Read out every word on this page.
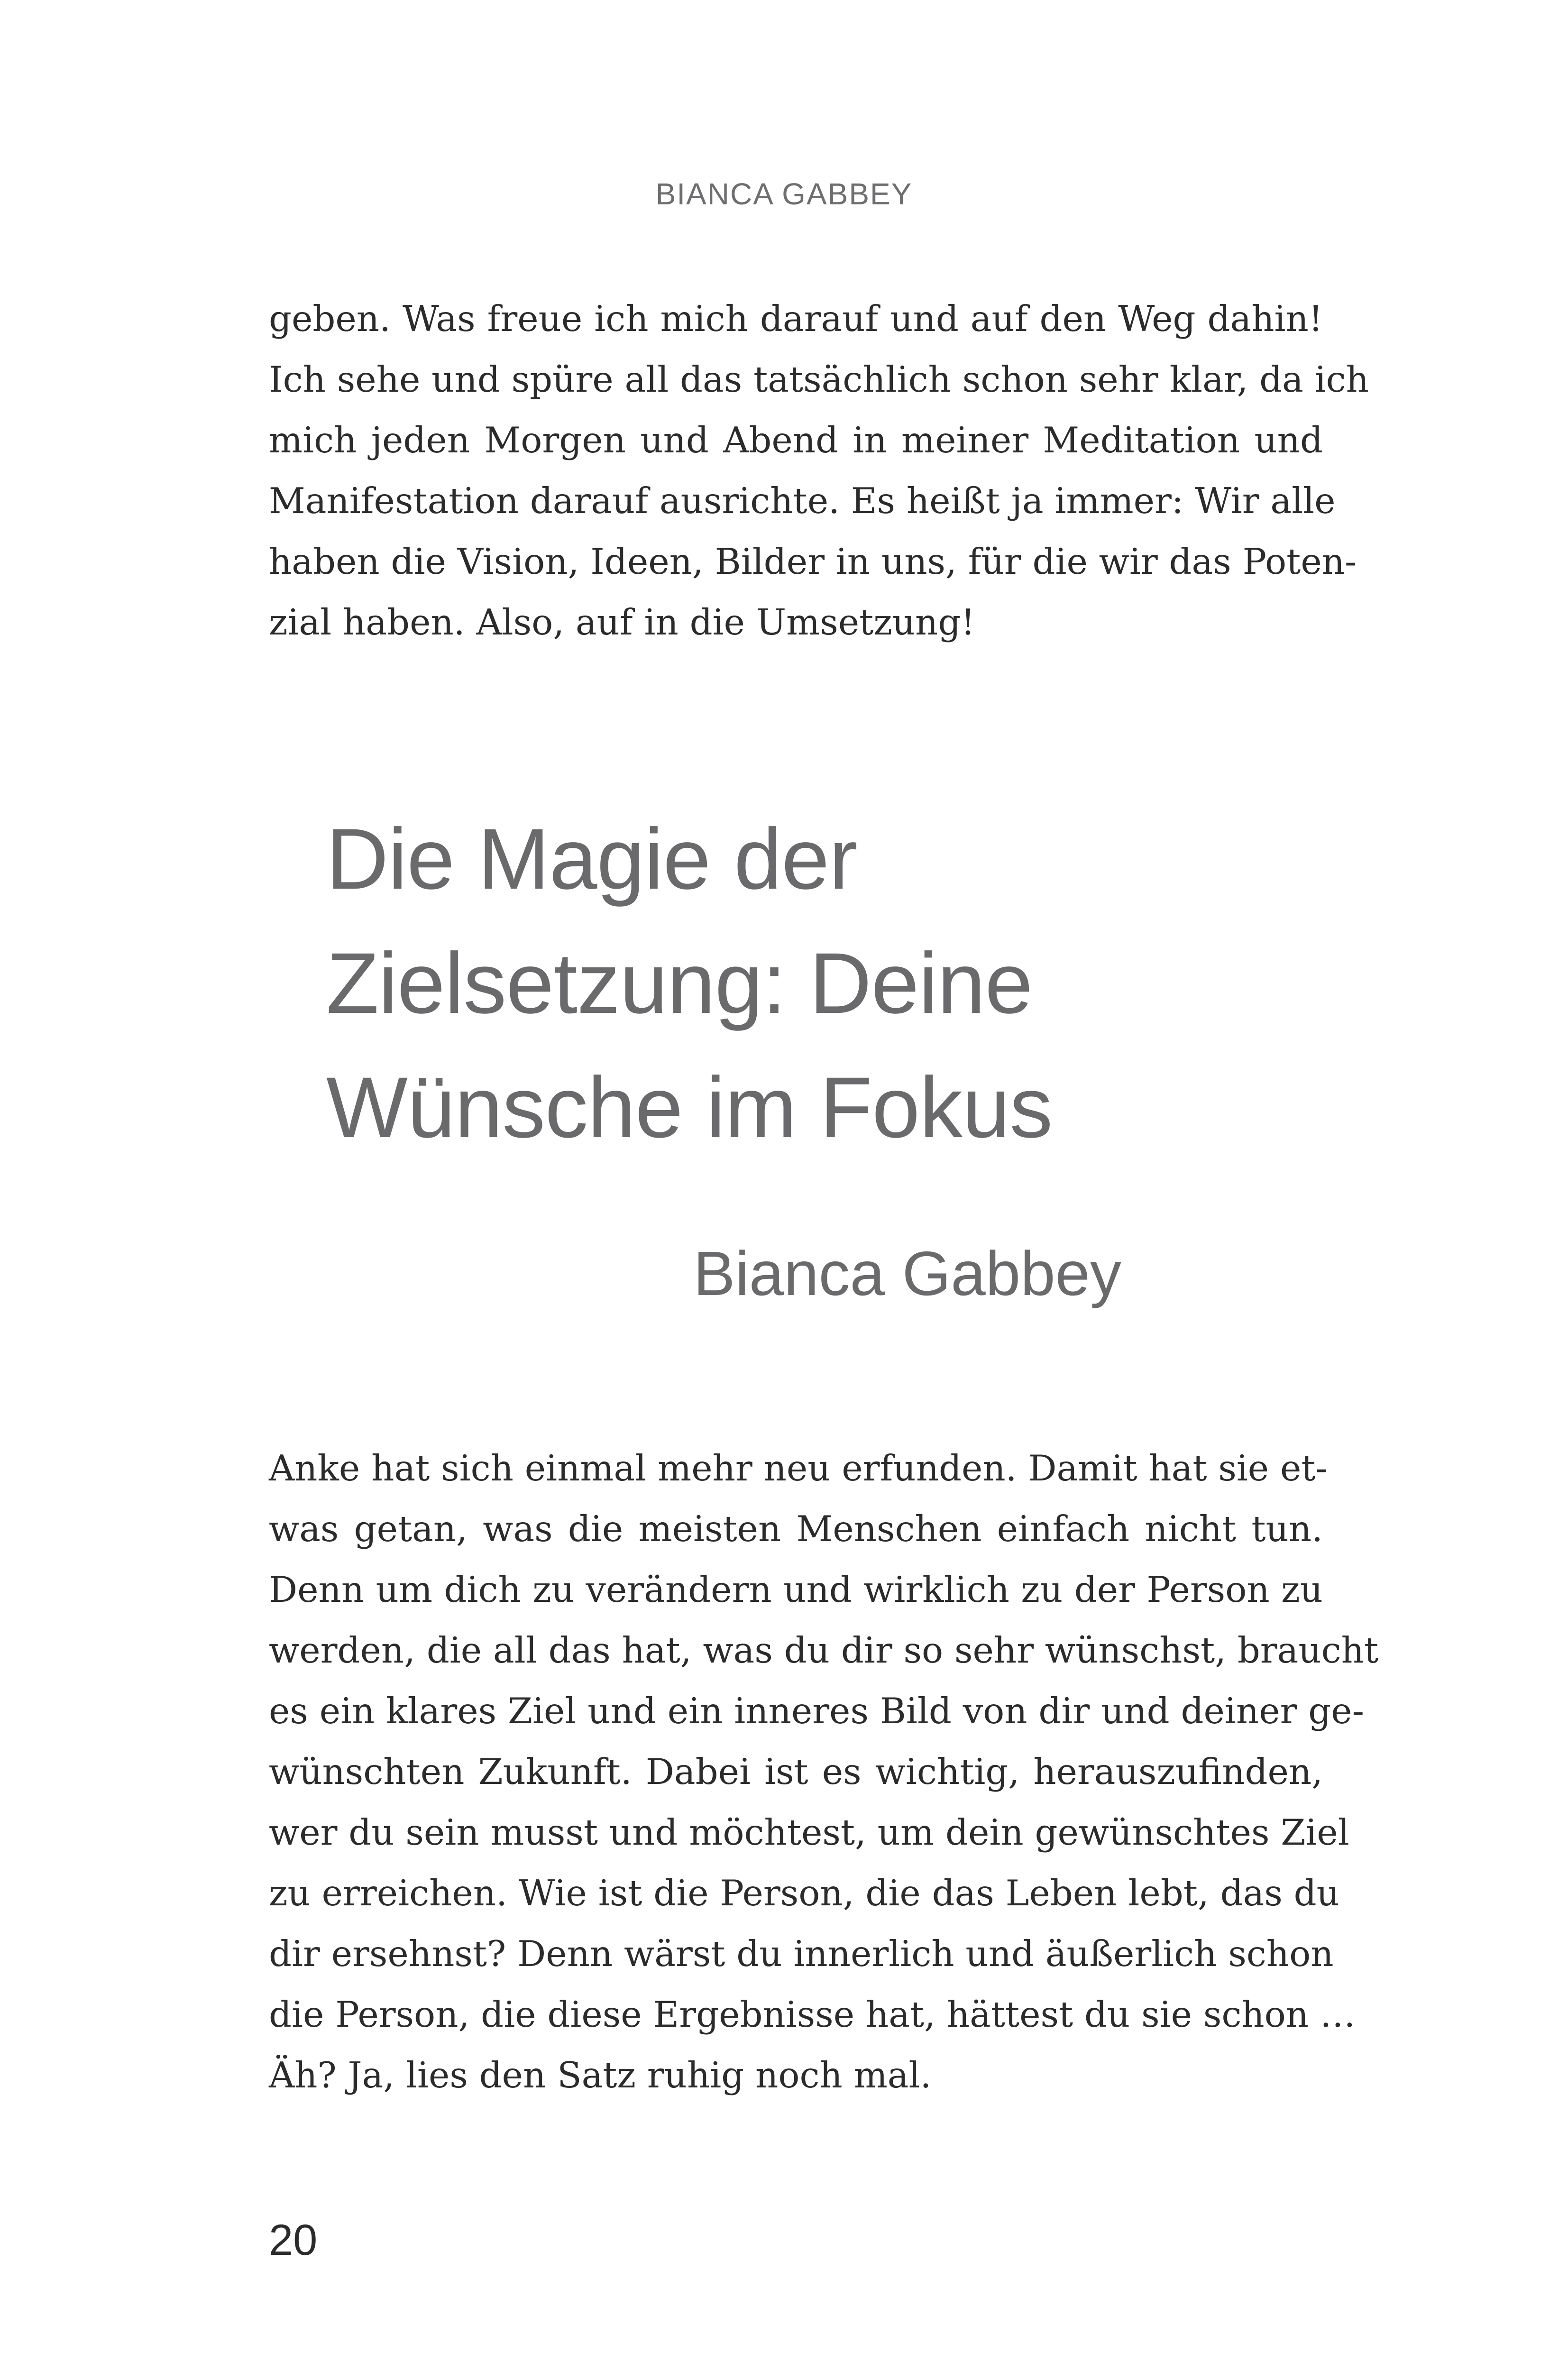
BIANCA GABBEY
geben. Was freue ich mich darauf und auf den Weg dahin!
Ich sehe und spüre all das tatsächlich schon sehr klar, da ich
mich jeden Morgen und Abend in meiner Meditation und
Manifestation darauf ausrichte. Es heißt ja immer: Wir alle
haben die Vision, Ideen, Bilder in uns, für die wir das Poten-
zial haben. Also, auf in die Umsetzung!
Die Magie der
Zielsetzung: Deine
Wünsche im Fokus
Bianca Gabbey
Anke hat sich einmal mehr neu erfunden. Damit hat sie et-
was getan, was die meisten Menschen einfach nicht tun.
Denn um dich zu verändern und wirklich zu der Person zu
werden, die all das hat, was du dir so sehr wünschst, braucht
es ein klares Ziel und ein inneres Bild von dir und deiner ge-
wünschten Zukunft. Dabei ist es wichtig, herauszufinden,
wer du sein musst und möchtest, um dein gewünschtes Ziel
zu erreichen. Wie ist die Person, die das Leben lebt, das du
dir ersehnst? Denn wärst du innerlich und äußerlich schon
die Person, die diese Ergebnisse hat, hättest du sie schon …
Äh? Ja, lies den Satz ruhig noch mal.
20
